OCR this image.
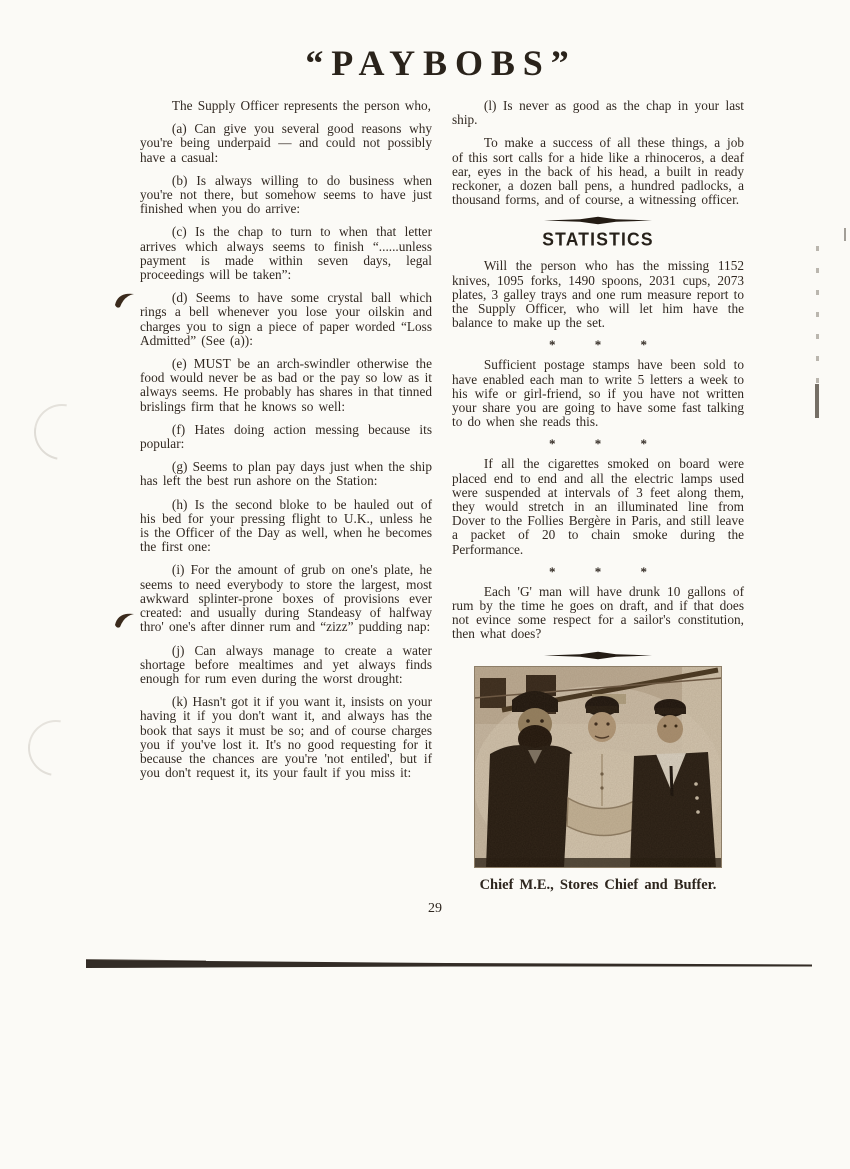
“PAYBOBS”

The Supply Officer represents the person who,

(a) Can give you several good reasons why you're being underpaid — and could not possibly have a casual:

(b) Is always willing to do business when you're not there, but somehow seems to have just finished when you do arrive:

(c) Is the chap to turn to when that letter arrives which always seems to finish “......unless payment is made within seven days, legal proceedings will be taken”:

(d) Seems to have some crystal ball which rings a bell whenever you lose your oilskin and charges you to sign a piece of paper worded “Loss Admitted” (See (a)):

(e) MUST be an arch-swindler otherwise the food would never be as bad or the pay so low as it always seems. He probably has shares in that tinned brislings firm that he knows so well:

(f) Hates doing action messing because its popular:

(g) Seems to plan pay days just when the ship has left the best run ashore on the Station:

(h) Is the second bloke to be hauled out of his bed for your pressing flight to U.K., unless he is the Officer of the Day as well, when he becomes the first one:

(i) For the amount of grub on one's plate, he seems to need everybody to store the largest, most awkward splinter-prone boxes of provisions ever created: and usually during Standeasy of halfway thro' one's after dinner rum and “zizz” pudding nap:

(j) Can always manage to create a water shortage before mealtimes and yet always finds enough for rum even during the worst drought:

(k) Hasn't got it if you want it, insists on your having it if you don't want it, and always has the book that says it must be so; and of course charges you if you've lost it. It's no good requesting for it because the chances are you're 'not entiled', but if you don't request it, its your fault if you miss it:

(l) Is never as good as the chap in your last ship.

To make a success of all these things, a job of this sort calls for a hide like a rhinoceros, a deaf ear, eyes in the back of his head, a built in ready reckoner, a dozen ball pens, a hundred padlocks, a thousand forms, and of course, a witnessing officer.

STATISTICS

Will the person who has the missing 1152 knives, 1095 forks, 1490 spoons, 2031 cups, 2073 plates, 3 galley trays and one rum measure report to the Supply Officer, who will let him have the balance to make up the set.

* * *

Sufficient postage stamps have been sold to have enabled each man to write 5 letters a week to his wife or girl-friend, so if you have not written your share you are going to have some fast talking to do when she reads this.

* * *

If all the cigarettes smoked on board were placed end to end and all the electric lamps used were suspended at intervals of 3 feet along them, they would stretch in an illuminated line from Dover to the Follies Bergère in Paris, and still leave a packet of 20 to chain smoke during the Performance.

* * *

Each 'G' man will have drunk 10 gallons of rum by the time he goes on draft, and if that does not evince some respect for a sailor's constitution, then what does?

Chief M.E., Stores Chief and Buffer.
29
